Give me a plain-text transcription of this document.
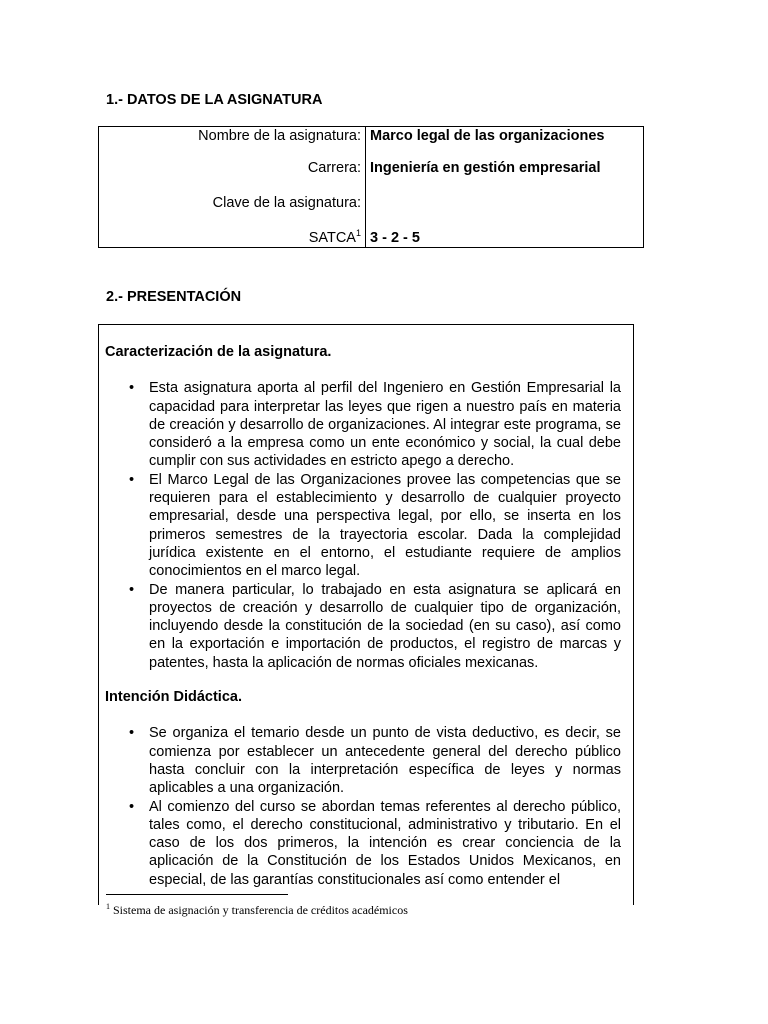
1.- DATOS DE LA ASIGNATURA
Nombre de la asignatura:	Marco legal de las organizaciones
Carrera:	Ingeniería en gestión empresarial
Clave de la asignatura:	
SATCA$^1$	3 - 2 - 5
2.- PRESENTACIÓN
Caracterización de la asignatura.
• Esta asignatura aporta al perfil del Ingeniero en Gestión Empresarial la capacidad para interpretar las leyes que rigen a nuestro país en materia de creación y desarrollo de organizaciones. Al integrar este programa, se consideró a la empresa como un ente económico y social, la cual debe cumplir con sus actividades en estricto apego a derecho.
• El Marco Legal de las Organizaciones provee las competencias que se requieren para el establecimiento y desarrollo de cualquier proyecto empresarial, desde una perspectiva legal, por ello, se inserta en los primeros semestres de la trayectoria escolar. Dada la complejidad jurídica existente en el entorno, el estudiante requiere de amplios conocimientos en el marco legal.
• De manera particular, lo trabajado en esta asignatura se aplicará en proyectos de creación y desarrollo de cualquier tipo de organización, incluyendo desde la constitución de la sociedad (en su caso), así como en la exportación e importación de productos, el registro de marcas y patentes, hasta la aplicación de normas oficiales mexicanas.
Intención Didáctica.
• Se organiza el temario desde un punto de vista deductivo, es decir, se comienza por establecer un antecedente general del derecho público hasta concluir con la interpretación específica de leyes y normas aplicables a una organización.
• Al comienzo del curso se abordan temas referentes al derecho público, tales como, el derecho constitucional, administrativo y tributario. En el caso de los dos primeros, la intención es crear conciencia de la aplicación de la Constitución de los Estados Unidos Mexicanos, en especial, de las garantías constitucionales así como entender el
$^1$ Sistema de asignación y transferencia de créditos académicos
